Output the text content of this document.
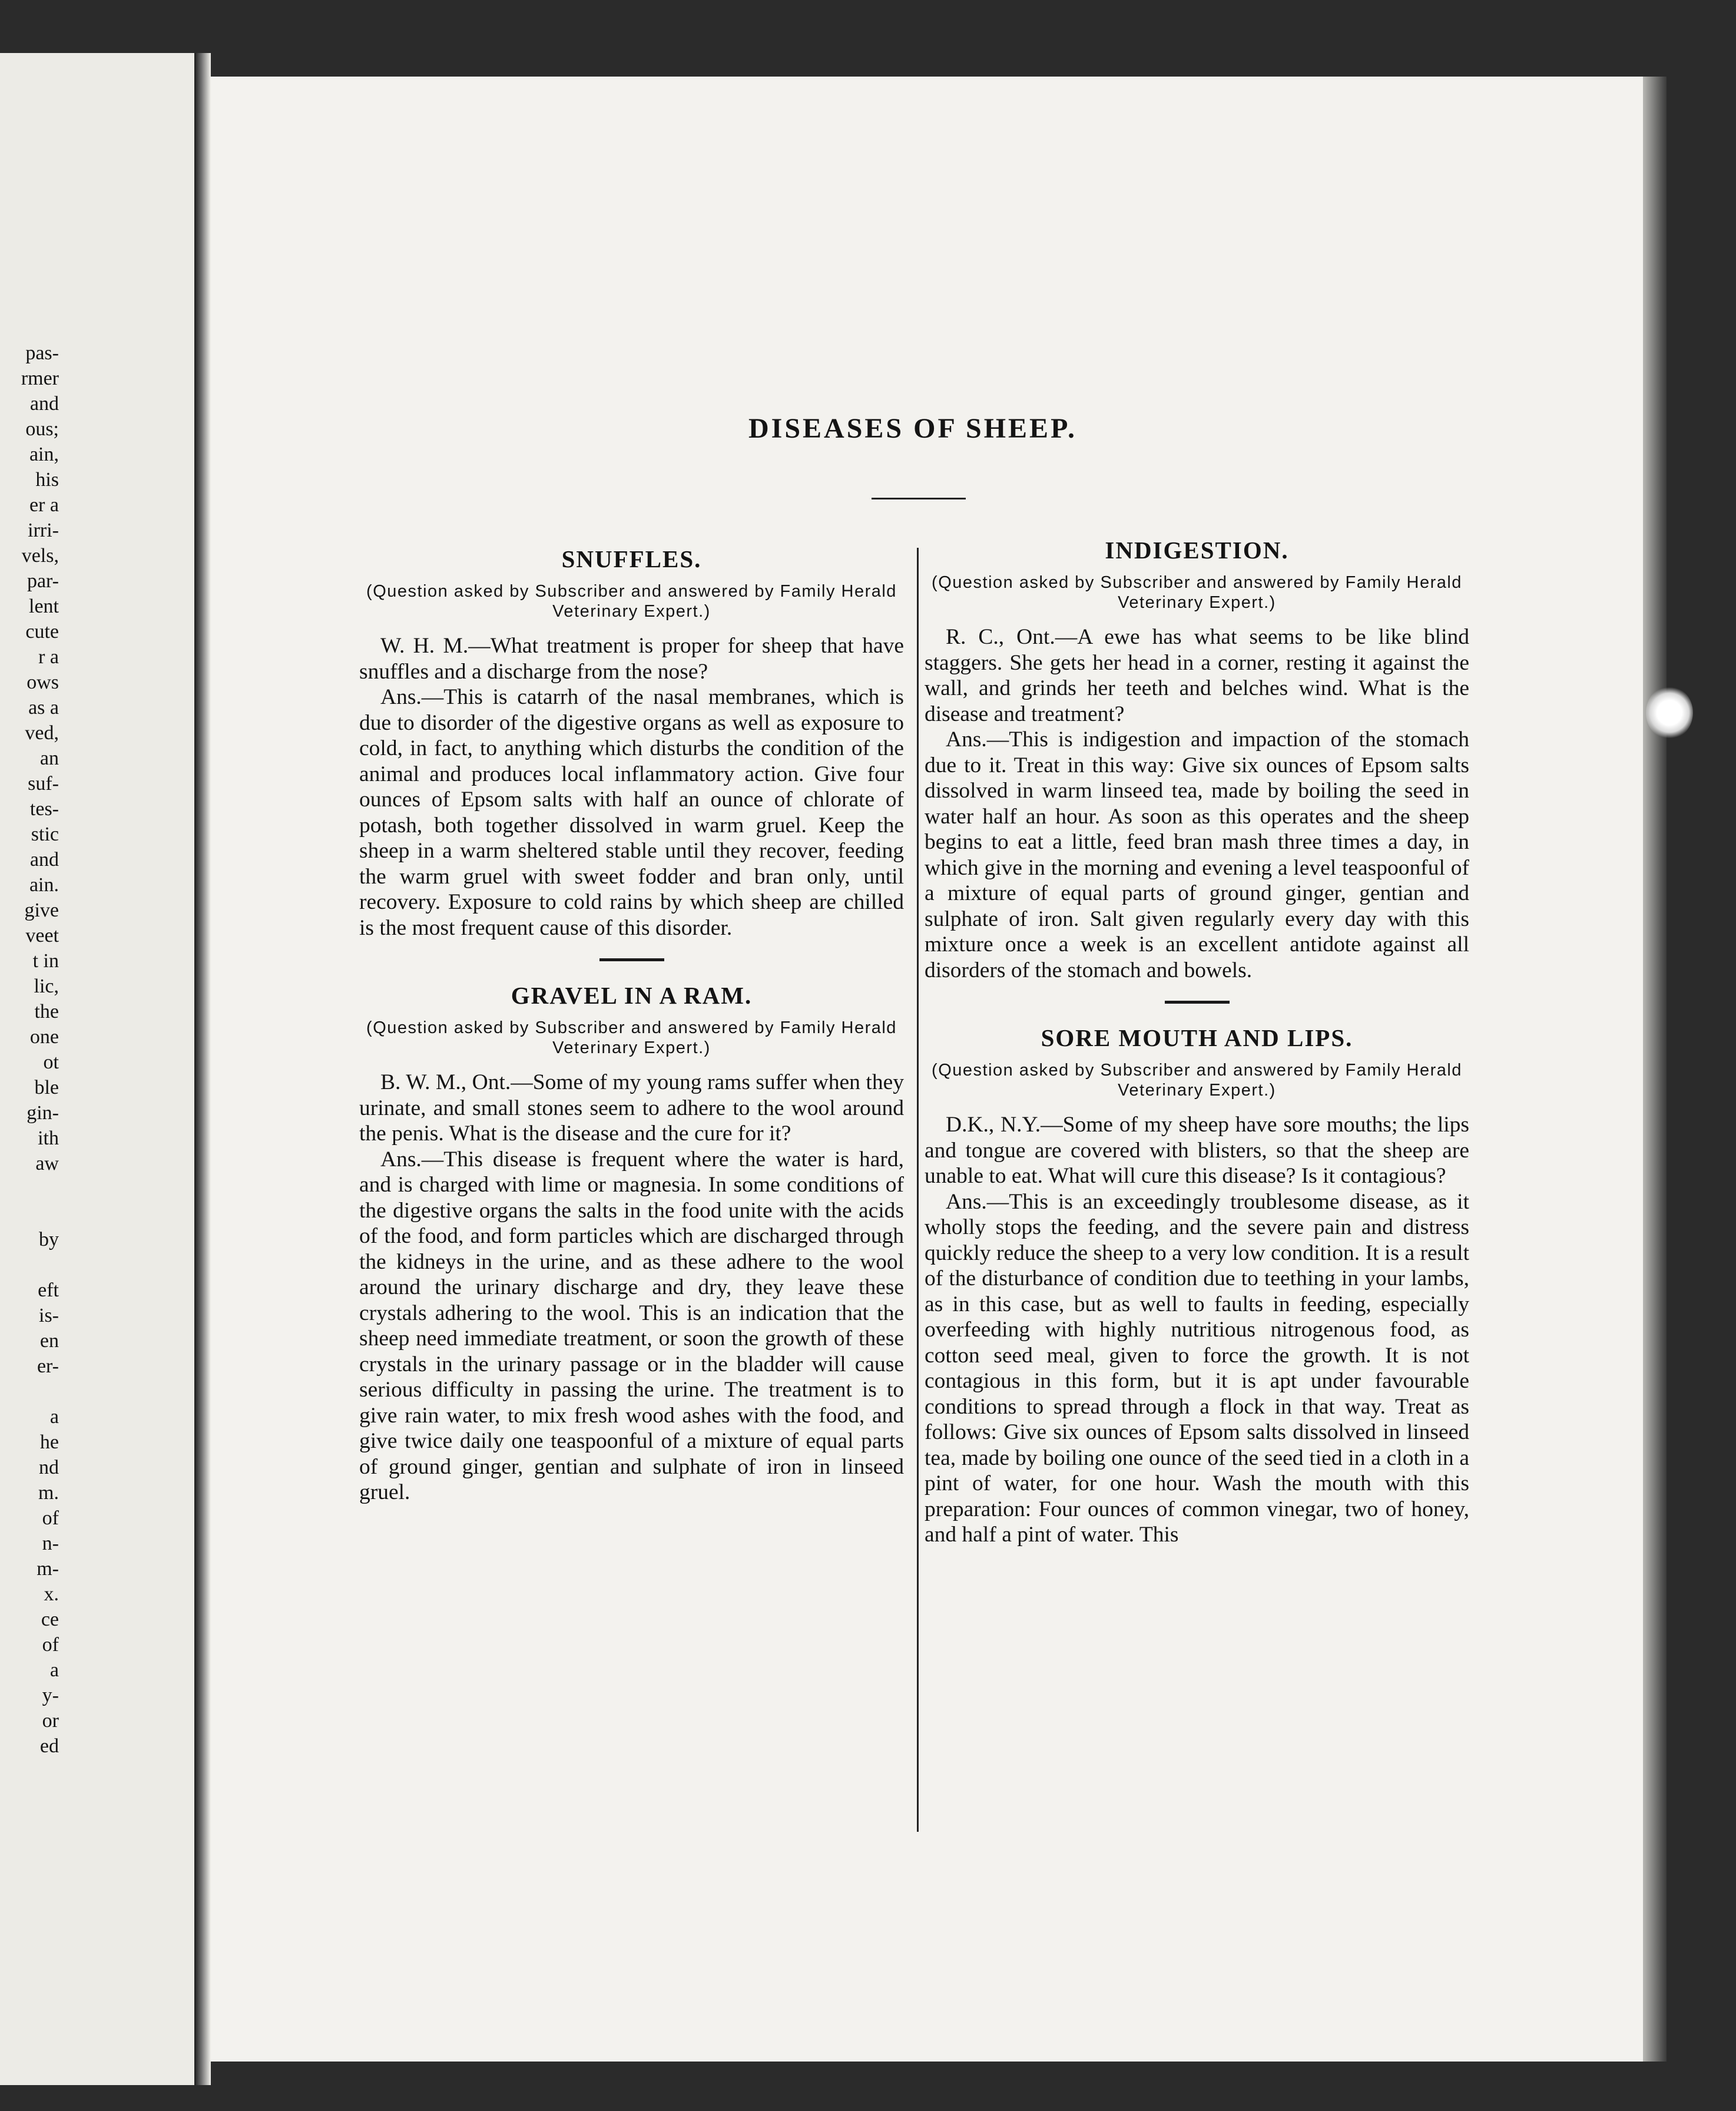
pas-
rmer
and
ous;
ain,
his
er a
irri-
vels,
par-
lent
cute
r a
ows
as a
ved,
an
suf-
tes-
stic
and
ain.
give
veet
t in
lic,
the
one
ot
ble
gin-
ith
aw
by
eft
is-
en
er-
a
he
nd
m.
of
n-
m-
x.
ce
of
a
y-
or
ed
DISEASES OF SHEEP.
SNUFFLES.

(Question asked by Subscriber and answered by Family Herald Veterinary Expert.)

W. H. M.—What treatment is proper for sheep that have snuffles and a discharge from the nose?

Ans.—This is catarrh of the nasal membranes, which is due to disorder of the digestive organs as well as exposure to cold, in fact, to anything which disturbs the condition of the animal and produces local inflammatory action. Give four ounces of Epsom salts with half an ounce of chlorate of potash, both together dissolved in warm gruel. Keep the sheep in a warm sheltered stable until they recover, feeding the warm gruel with sweet fodder and bran only, until recovery. Exposure to cold rains by which sheep are chilled is the most frequent cause of this disorder.

GRAVEL IN A RAM.

(Question asked by Subscriber and answered by Family Herald Veterinary Expert.)

B. W. M., Ont.—Some of my young rams suffer when they urinate, and small stones seem to adhere to the wool around the penis. What is the disease and the cure for it?

Ans.—This disease is frequent where the water is hard, and is charged with lime or magnesia. In some conditions of the digestive organs the salts in the food unite with the acids of the food, and form particles which are discharged through the kidneys in the urine, and as these adhere to the wool around the urinary discharge and dry, they leave these crystals adhering to the wool. This is an indication that the sheep need immediate treatment, or soon the growth of these crystals in the urinary passage or in the bladder will cause serious difficulty in passing the urine. The treatment is to give rain water, to mix fresh wood ashes with the food, and give twice daily one teaspoonful of a mixture of equal parts of ground ginger, gentian and sulphate of iron in linseed gruel.

INDIGESTION.

(Question asked by Subscriber and answered by Family Herald Veterinary Expert.)

R. C., Ont.—A ewe has what seems to be like blind staggers. She gets her head in a corner, resting it against the wall, and grinds her teeth and belches wind. What is the disease and treatment?

Ans.—This is indigestion and impaction of the stomach due to it. Treat in this way: Give six ounces of Epsom salts dissolved in warm linseed tea, made by boiling the seed in water half an hour. As soon as this operates and the sheep begins to eat a little, feed bran mash three times a day, in which give in the morning and evening a level teaspoonful of a mixture of equal parts of ground ginger, gentian and sulphate of iron. Salt given regularly every day with this mixture once a week is an excellent antidote against all disorders of the stomach and bowels.

SORE MOUTH AND LIPS.

(Question asked by Subscriber and answered by Family Herald Veterinary Expert.)

D.K., N.Y.—Some of my sheep have sore mouths; the lips and tongue are covered with blisters, so that the sheep are unable to eat. What will cure this disease? Is it contagious?

Ans.—This is an exceedingly troublesome disease, as it wholly stops the feeding, and the severe pain and distress quickly reduce the sheep to a very low condition. It is a result of the disturbance of condition due to teething in your lambs, as in this case, but as well to faults in feeding, especially overfeeding with highly nutritious nitrogenous food, as cotton seed meal, given to force the growth. It is not contagious in this form, but it is apt under favourable conditions to spread through a flock in that way. Treat as follows: Give six ounces of Epsom salts dissolved in linseed tea, made by boiling one ounce of the seed tied in a cloth in a pint of water, for one hour. Wash the mouth with this preparation: Four ounces of common vinegar, two of honey, and half a pint of water. This
